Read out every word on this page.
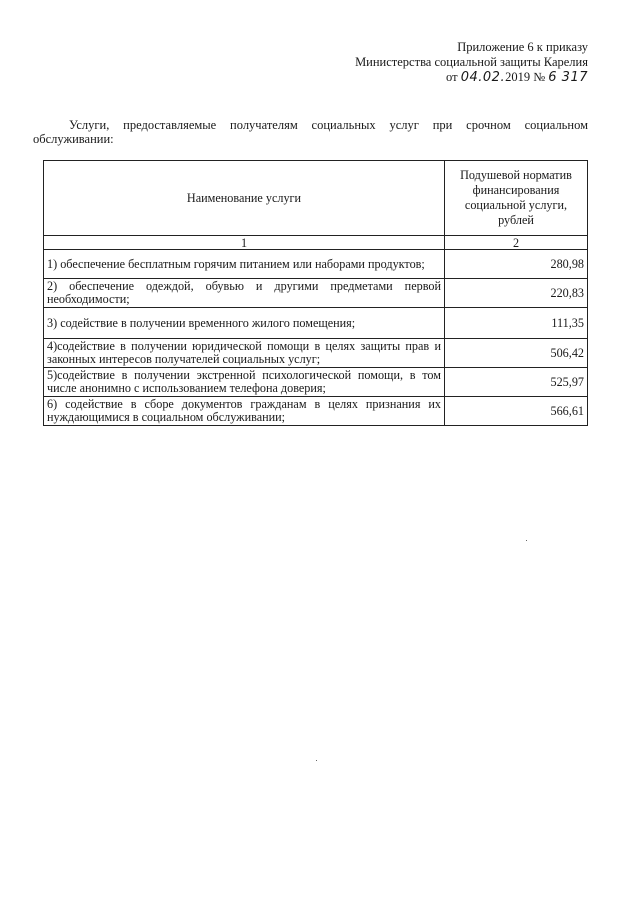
Приложение 6 к приказу
Министерства социальной защиты Карелия
от 04.02.2019 № 6 317
Услуги, предоставляемые получателям социальных услуг при срочном социальном обслуживании:
Наименование услуги	Подушевой норматив финансирования социальной услуги, рублей
1	2
1) обеспечение бесплатным горячим питанием или наборами продуктов;	280,98
2) обеспечение одеждой, обувью и другими предметами первой необходимости;	220,83
3) содействие в получении временного жилого помещения;	111,35
4)содействие в получении юридической помощи в целях защиты прав и законных интересов получателей социальных услуг;	506,42
5)содействие в получении экстренной психологической помощи, в том числе анонимно с использованием телефона доверия;	525,97
6) содействие в сборе документов гражданам в целях признания их нуждающимися в социальном обслуживании;	566,61
